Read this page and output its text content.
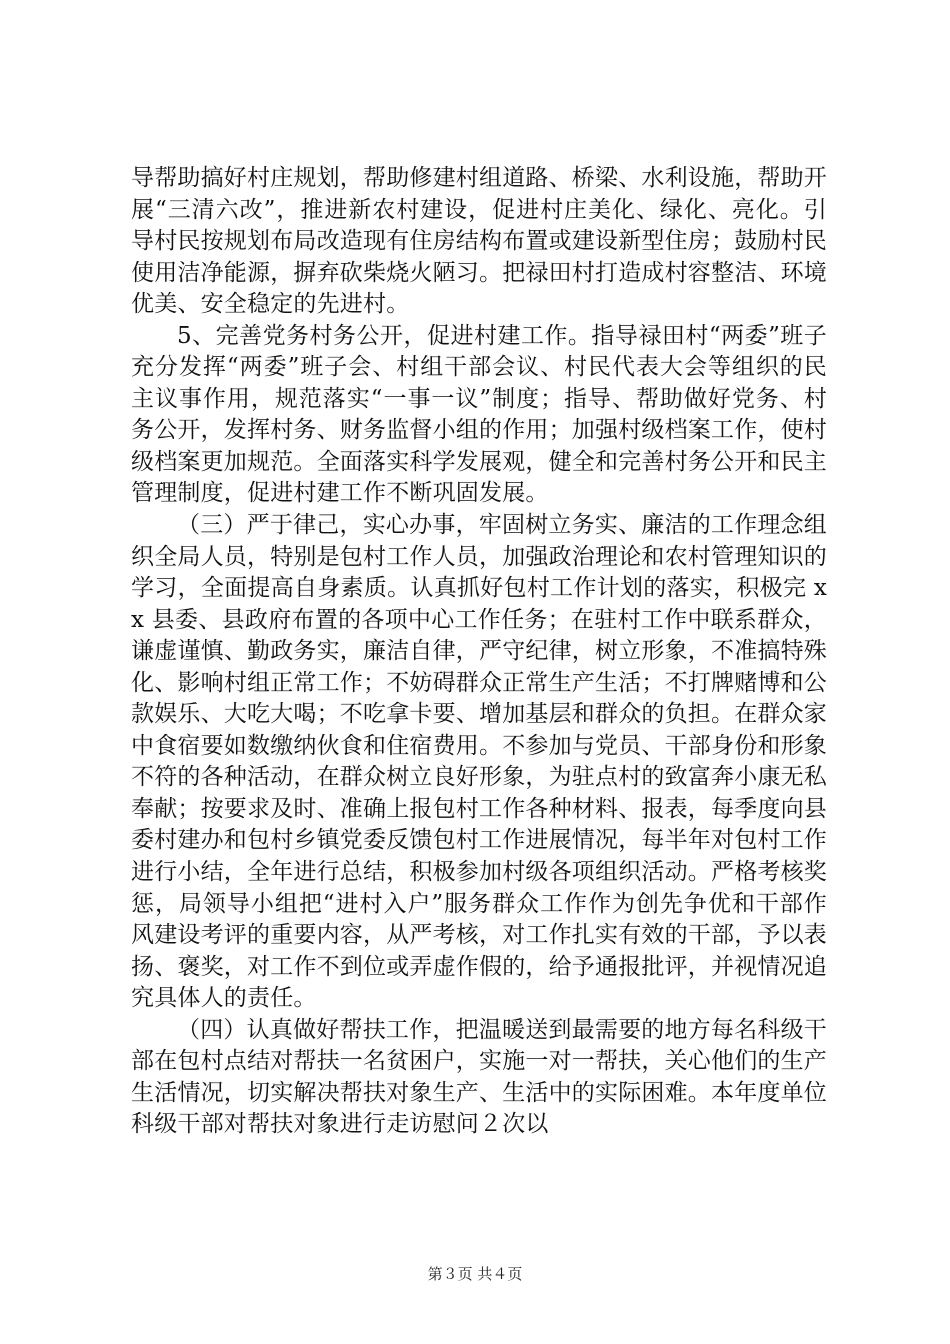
导帮助搞好村庄规划，帮助修建村组道路、桥梁、水利设施，帮助开展“三清六改”，推进新农村建设，促进村庄美化、绿化、亮化。引导村民按规划布局改造现有住房结构布置或建设新型住房；鼓励村民使用洁净能源，摒弃砍柴烧火陋习。把禄田村打造成村容整洁、环境优美、安全稳定的先进村。

5、完善党务村务公开，促进村建工作。指导禄田村“两委”班子充分发挥“两委”班子会、村组干部会议、村民代表大会等组织的民主议事作用，规范落实“一事一议”制度；指导、帮助做好党务、村务公开，发挥村务、财务监督小组的作用；加强村级档案工作，使村级档案更加规范。全面落实科学发展观，健全和完善村务公开和民主管理制度，促进村建工作不断巩固发展。

（三）严于律己，实心办事，牢固树立务实、廉洁的工作理念组织全局人员，特别是包村工作人员，加强政治理论和农村管理知识的学习，全面提高自身素质。认真抓好包村工作计划的落实，积极完 xx 县委、县政府布置的各项中心工作任务；在驻村工作中联系群众，谦虚谨慎、勤政务实，廉洁自律，严守纪律，树立形象，不准搞特殊化、影响村组正常工作；不妨碍群众正常生产生活；不打牌赌博和公款娱乐、大吃大喝；不吃拿卡要、增加基层和群众的负担。在群众家中食宿要如数缴纳伙食和住宿费用。不参加与党员、干部身份和形象不符的各种活动，在群众树立良好形象，为驻点村的致富奔小康无私奉献；按要求及时、准确上报包村工作各种材料、报表，每季度向县委村建办和包村乡镇党委反馈包村工作进展情况，每半年对包村工作进行小结，全年进行总结，积极参加村级各项组织活动。严格考核奖惩，局领导小组把“进村入户”服务群众工作作为创先争优和干部作风建设考评的重要内容，从严考核，对工作扎实有效的干部，予以表扬、褒奖，对工作不到位或弄虚作假的，给予通报批评，并视情况追究具体人的责任。

（四）认真做好帮扶工作，把温暖送到最需要的地方每名科级干部在包村点结对帮扶一名贫困户，实施一对一帮扶，关心他们的生产生活情况，切实解决帮扶对象生产、生活中的实际困难。本年度单位科级干部对帮扶对象进行走访慰问２次以

第３页 共４页
